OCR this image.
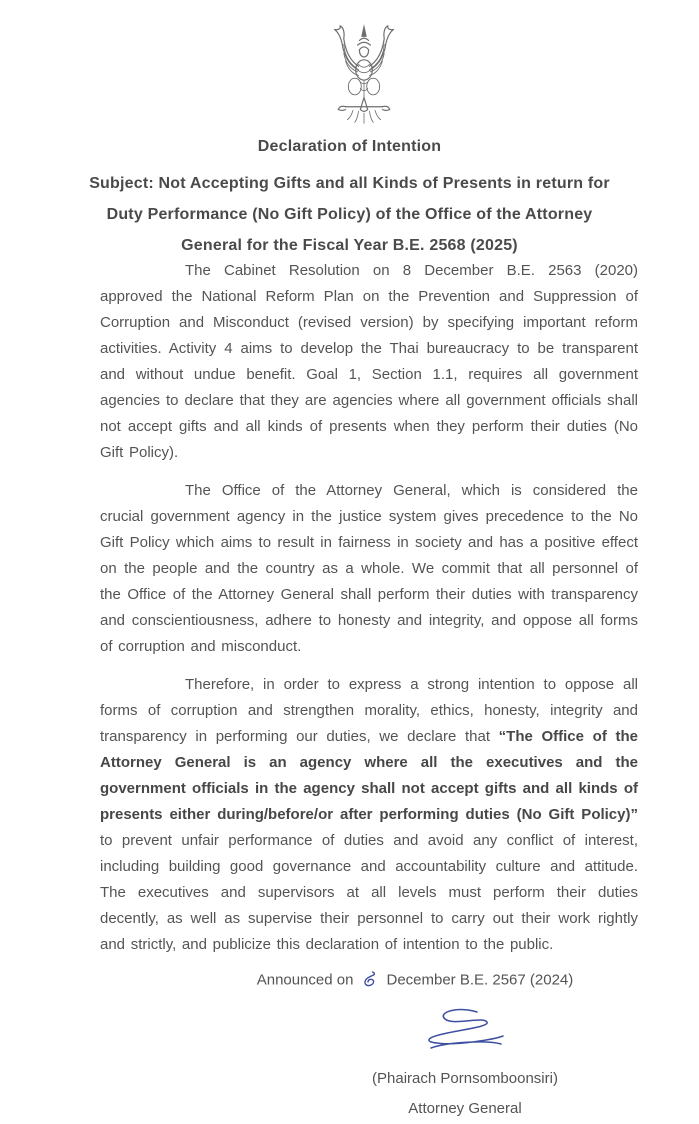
Declaration of Intention
Subject: Not Accepting Gifts and all Kinds of Presents in return for
Duty Performance (No Gift Policy) of the Office of the Attorney
General for the Fiscal Year B.E. 2568 (2025)

The Cabinet Resolution on 8 December B.E. 2563 (2020) approved the National Reform Plan on the Prevention and Suppression of Corruption and Misconduct (revised version) by specifying important reform activities. Activity 4 aims to develop the Thai bureaucracy to be transparent and without undue benefit. Goal 1, Section 1.1, requires all government agencies to declare that they are agencies where all government officials shall not accept gifts and all kinds of presents when they perform their duties (No Gift Policy).

The Office of the Attorney General, which is considered the crucial government agency in the justice system gives precedence to the No Gift Policy which aims to result in fairness in society and has a positive effect on the people and the country as a whole. We commit that all personnel of the Office of the Attorney General shall perform their duties with transparency and conscientiousness, adhere to honesty and integrity, and oppose all forms of corruption and misconduct.

Therefore, in order to express a strong intention to oppose all forms of corruption and strengthen morality, ethics, honesty, integrity and transparency in performing our duties, we declare that “The Office of the Attorney General is an agency where all the executives and the government officials in the agency shall not accept gifts and all kinds of presents either during/before/or after performing duties (No Gift Policy)” to prevent unfair performance of duties and avoid any conflict of interest, including building good governance and accountability culture and attitude. The executives and supervisors at all levels must perform their duties decently, as well as supervise their personnel to carry out their work rightly and strictly, and publicize this declaration of intention to the public.

Announced on December B.E. 2567 (2024)
(Phairach Pornsomboonsiri)
Attorney General
